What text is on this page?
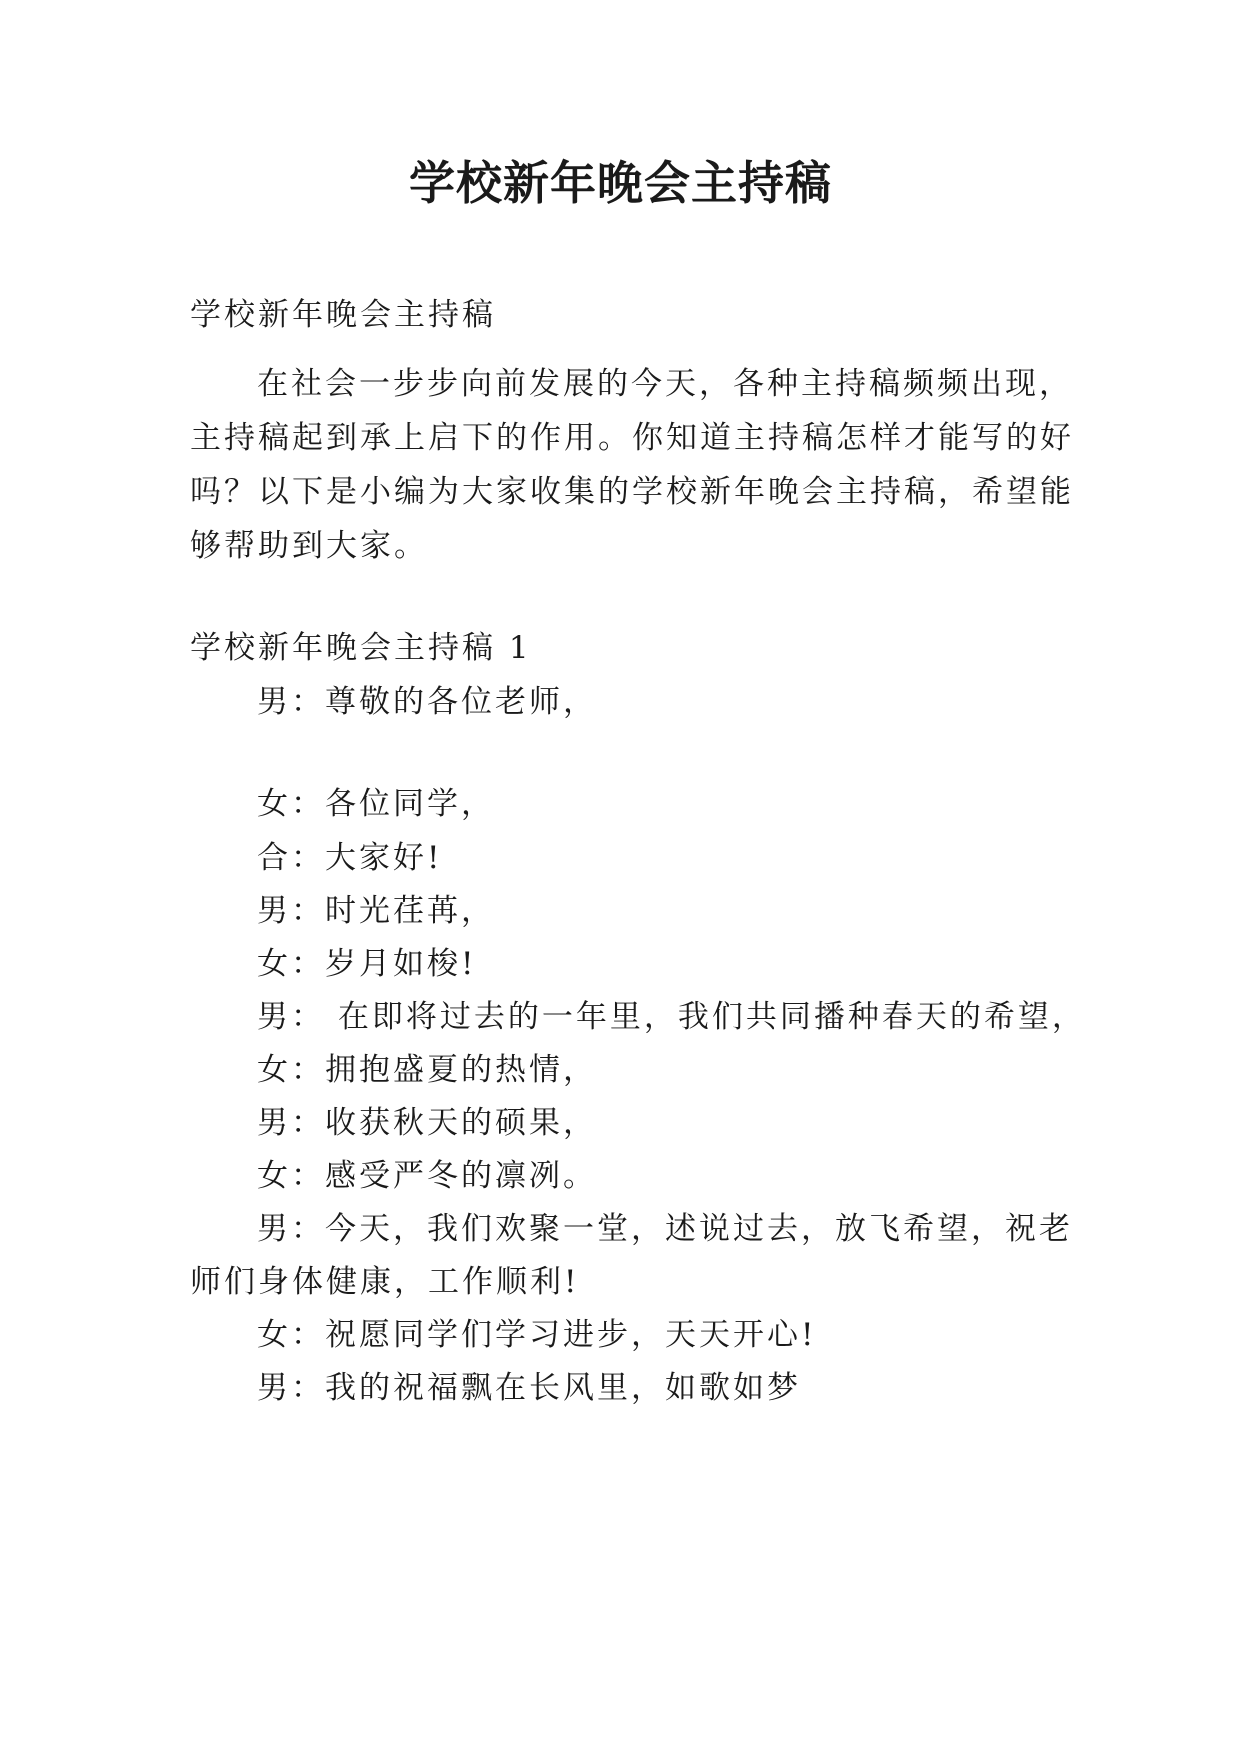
学校新年晚会主持稿
学校新年晚会主持稿
在社会一步步向前发展的今天，各种主持稿频频出现，
主持稿起到承上启下的作用。你知道主持稿怎样才能写的好
吗？以下是小编为大家收集的学校新年晚会主持稿，希望能
够帮助到大家。
学校新年晚会主持稿 1
男：尊敬的各位老师，
女：各位同学，
合：大家好!
男：时光荏苒，
女：岁月如梭!
男： 在即将过去的一年里，我们共同播种春天的希望，
女：拥抱盛夏的热情，
男：收获秋天的硕果，
女：感受严冬的凛冽。
男：今天，我们欢聚一堂，述说过去，放飞希望，祝老
师们身体健康，工作顺利!
女：祝愿同学们学习进步，天天开心!
男：我的祝福飘在长风里，如歌如梦
